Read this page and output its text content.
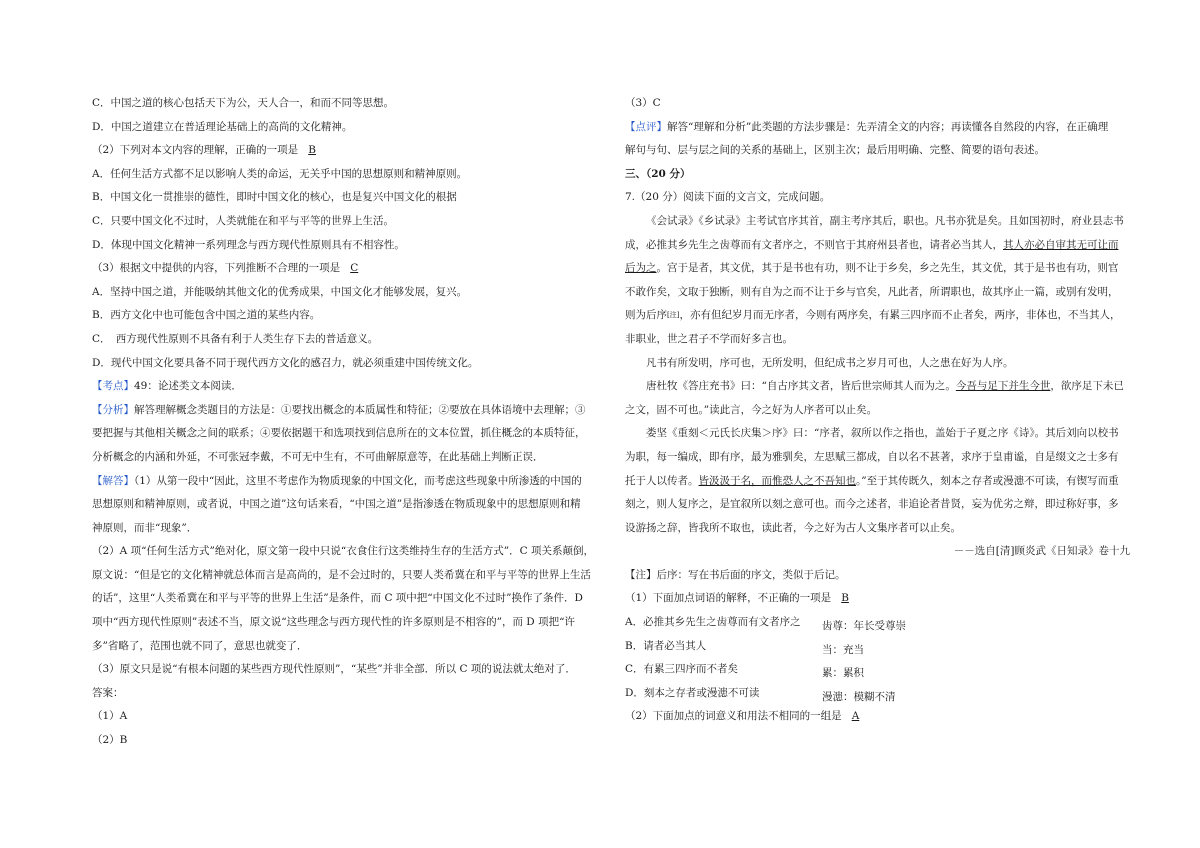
C．中国之道的核心包括天下为公，天人合一，和而不同等思想。
D．中国之道建立在普适理论基础上的高尚的文化精神。
（2）下列对本文内容的理解，正确的一项是 B
A．任何生活方式都不足以影响人类的命运，无关乎中国的思想原则和精神原则。
B．中国文化一贯推崇的德性，即时中国文化的核心，也是复兴中国文化的根据
C．只要中国文化不过时，人类就能在和平与平等的世界上生活。
D．体现中国文化精神一系列理念与西方现代性原则具有不相容性。
（3）根据文中提供的内容，下列推断不合理的一项是 C
A．坚持中国之道，并能吸纳其他文化的优秀成果，中国文化才能够发展，复兴。
B．西方文化中也可能包含中国之道的某些内容。
C．　西方现代性原则不具备有利于人类生存下去的普适意义。
D．现代中国文化要具备不同于现代西方文化的感召力，就必须重建中国传统文化。
【考点】49：论述类文本阅读．
【分析】解答理解概念类题目的方法是：①要找出概念的本质属性和特征；②要放在具体语境中去理解；③
要把握与其他相关概念之间的联系；④要依据题干和选项找到信息所在的文本位置，抓住概念的本质特征，
分析概念的内涵和外延，不可张冠李戴，不可无中生有，不可曲解原意等，在此基础上判断正误．
【解答】（1）从第一段中“因此，这里不考虑作为物质现象的中国文化，而考虑这些现象中所渗透的中国的
思想原则和精神原则，或者说，中国之道”这句话来看，“中国之道”是指渗透在物质现象中的思想原则和精
神原则，而非“现象”．
（2）A 项“任何生活方式”绝对化，原文第一段中只说“衣食住行这类维持生存的生活方式”．C 项关系颠倒，
原文说：“但是它的文化精神就总体而言是高尚的，是不会过时的，只要人类希冀在和平与平等的世界上生活
的话”，这里“人类希冀在和平与平等的世界上生活”是条件，而 C 项中把“中国文化不过时”换作了条件．D
项中“西方现代性原则”表述不当，原文说“这些理念与西方现代性的许多原则是不相容的”，而 D 项把“许
多”省略了，范围也就不同了，意思也就变了．
（3）原文只是说“有根本问题的某些西方现代性原则”，“某些”并非全部．所以 C 项的说法就太绝对了．
答案：
（1）A
（2）B
（3）C
【点评】解答“理解和分析”此类题的方法步骤是：先弄清全文的内容；再读懂各自然段的内容，在正确理
解句与句、层与层之间的关系的基础上，区别主次；最后用明确、完整、简要的语句表述。
三、（20 分）
7.（20 分）阅读下面的文言文，完成问题。
《会试录》《乡试录》主考试官序其首，副主考序其后，职也。凡书亦犹是矣。且如国初时，府业县志书
成，必推其乡先生之齿尊而有文者序之，不则官于其府州县者也，请者必当其人，其人亦必自审其无可让而
后为之。宫于是者，其文优，其于是书也有功，则不让于乡矣，乡之先生，其文优，其于是书也有功，则官
不敢作矣，文取于独断，则有自为之而不让于乡与官矣，凡此者，所谓职也，故其序止一篇，或别有发明，
则为后序[注]，亦有但纪岁月而无序者，今则有两序矣，有累三四序而不止者矣，两序，非体也，不当其人，
非职业，世之君子不学而好多言也。
凡书有所发明，序可也，无所发明，但纪成书之岁月可也，人之患在好为人序。
唐杜牧《答庄充书》曰：“自古序其文者，皆后世宗师其人而为之。今吾与足下并生今世，欲序足下未已
之文，固不可也。”读此言，今之好为人序者可以止矣。
娄坚《重刻＜元氏长庆集＞序》曰：“序者，叙所以作之指也，盖始于子夏之序《诗》。其后刘向以校书
为职，每一编成，即有序，最为雅驯矣，左思赋三都成，自以名不甚著，求序于皇甫谧，自是缀文之士多有
托于人以传者。皆汲汲于名，而惟恐人之不吾知也。”至于其传既久，刻本之存者或漫漶不可读，有锲写而重
刻之，则人复序之，是宜叙所以刻之意可也。而今之述者，非追论者昔贤，妄为优劣之辩，即过称好事，多
设游扬之辞，皆我所不取也，读此者，今之好为古人文集序者可以止矣。
－－选自[清]顾炎武《日知录》卷十九
【注】后序：写在书后面的序文，类似于后记。
（1）下面加点词语的解释，不正确的一项是 B
A．必推其乡先生之齿尊而有文者序之 齿尊：年长受尊崇
B．请者必当其人	当：充当
C．有累三四序而不者矣	累：累积
D．刻本之存者或漫漶不可读	漫漶：模糊不清
（2）下面加点的词意义和用法不相同的一组是 A
